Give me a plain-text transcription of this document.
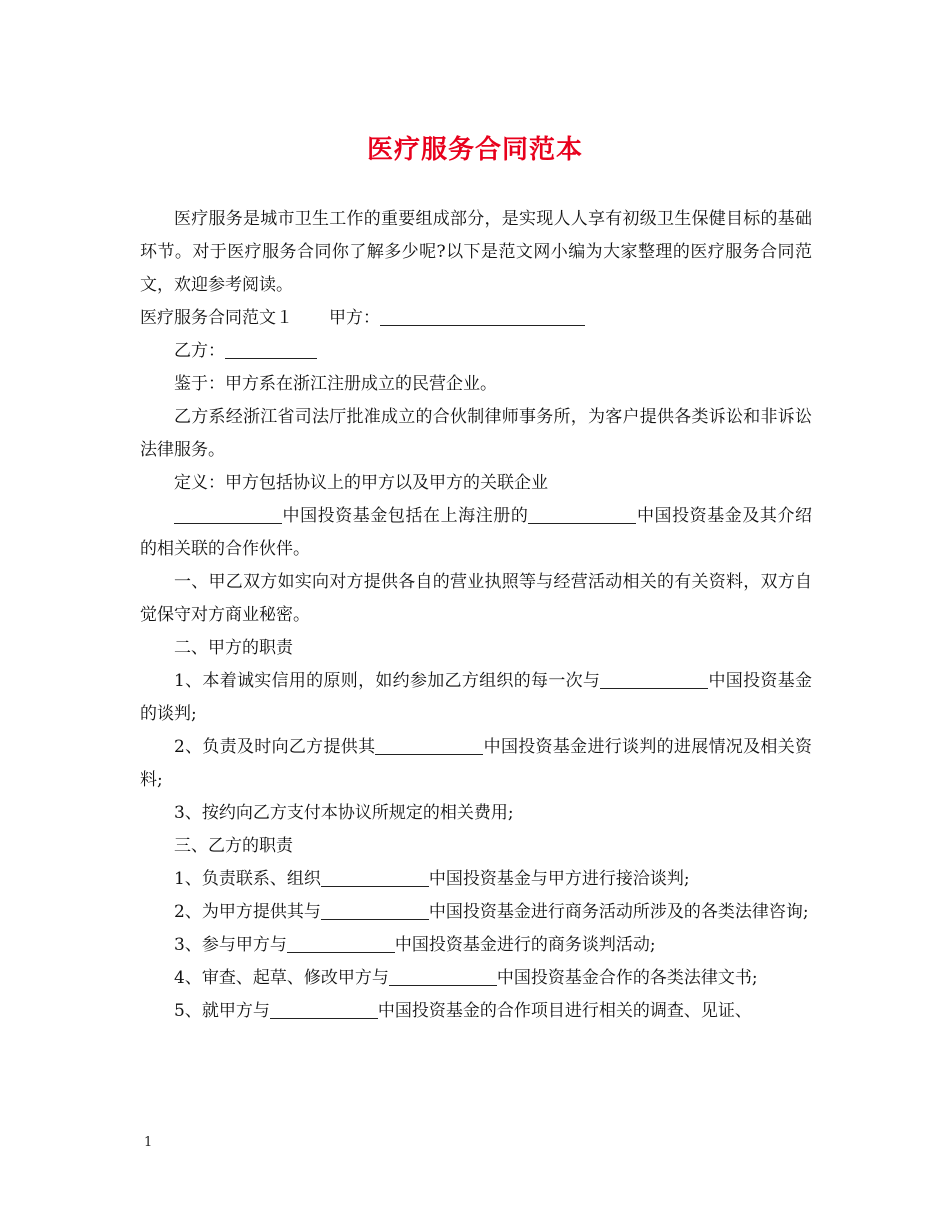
医疗服务合同范本

医疗服务是城市卫生工作的重要组成部分，是实现人人享有初级卫生保健目标的基础环节。对于医疗服务合同你了解多少呢?以下是范文网小编为大家整理的医疗服务合同范文，欢迎参考阅读。

医疗服务合同范文１ 甲方：

乙方：

鉴于：甲方系在浙江注册成立的民营企业。

乙方系经浙江省司法厅批准成立的合伙制律师事务所，为客户提供各类诉讼和非诉讼法律服务。

定义：甲方包括协议上的甲方以及甲方的关联企业

中国投资基金包括在上海注册的	中国投资基金及其介绍的相关联的合作伙伴。

一、甲乙双方如实向对方提供各自的营业执照等与经营活动相关的有关资料，双方自觉保守对方商业秘密。

二、甲方的职责

1、本着诚实信用的原则，如约参加乙方组织的每一次与	中国投资基金的谈判;

2、负责及时向乙方提供其	中国投资基金进行谈判的进展情况及相关资料;

3、按约向乙方支付本协议所规定的相关费用;

三、乙方的职责

1、负责联系、组织	中国投资基金与甲方进行接洽谈判;

2、为甲方提供其与	中国投资基金进行商务活动所涉及的各类法律咨询;

3、参与甲方与	中国投资基金进行的商务谈判活动;

4、审查、起草、修改甲方与	中国投资基金合作的各类法律文书;

5、就甲方与	中国投资基金的合作项目进行相关的调查、见证、

1
